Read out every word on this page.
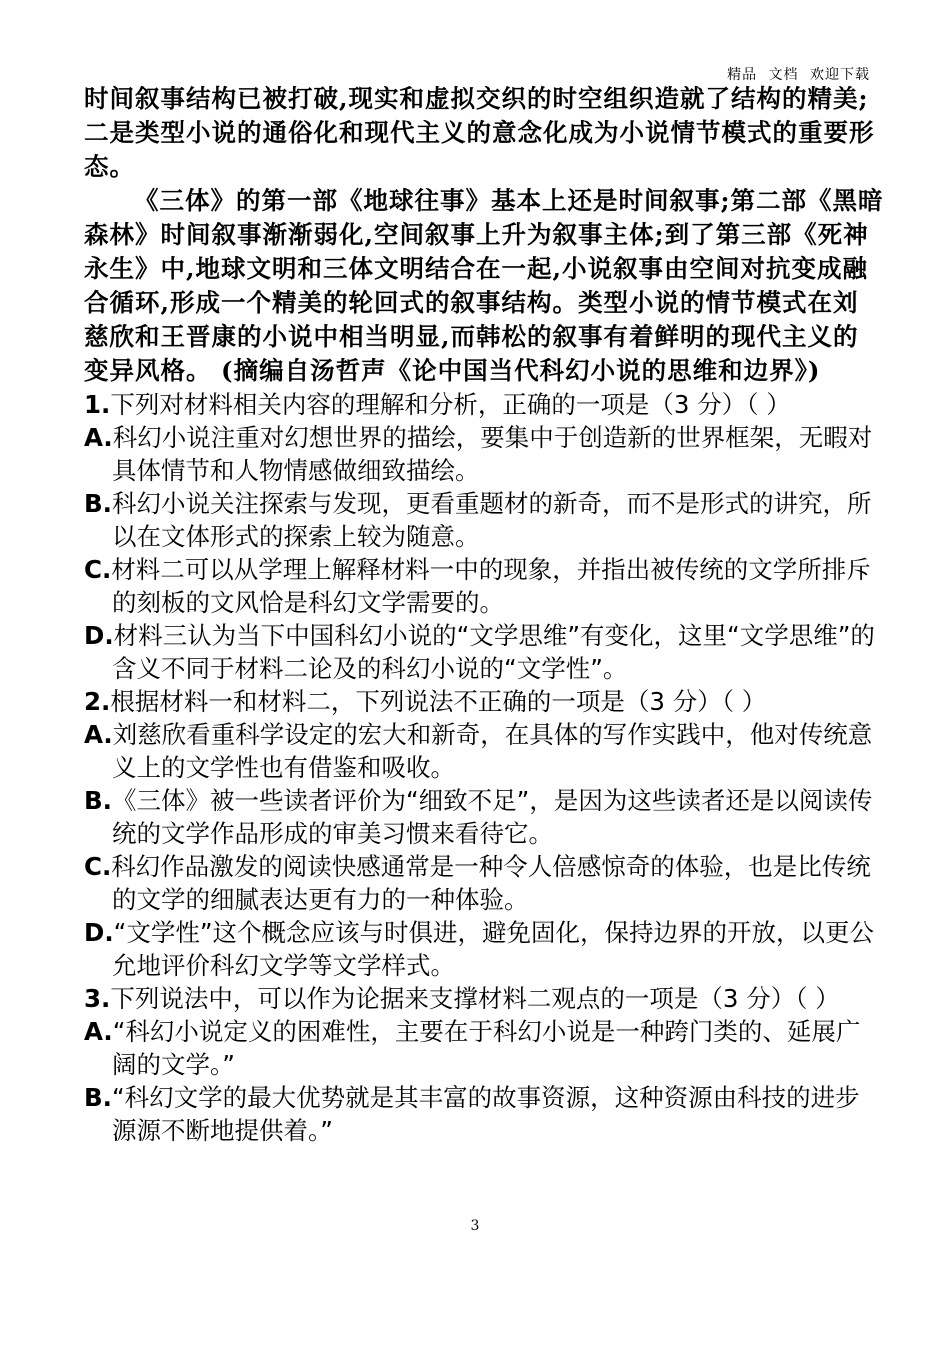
精品 文档 欢迎下载

时间叙事结构已被打破,现实和虚拟交织的时空组织造就了结构的精美;二是类型小说的通俗化和现代主义的意念化成为小说情节模式的重要形态。

《三体》的第一部《地球往事》基本上还是时间叙事;第二部《黑暗森林》时间叙事渐渐弱化,空间叙事上升为叙事主体;到了第三部《死神永生》中,地球文明和三体文明结合在一起,小说叙事由空间对抗变成融合循环,形成一个精美的轮回式的叙事结构。类型小说的情节模式在刘慈欣和王晋康的小说中相当明显,而韩松的叙事有着鲜明的现代主义的变异风格。 (摘编自汤哲声《论中国当代科幻小说的思维和边界》)

1.下列对材料相关内容的理解和分析，正确的一项是（3 分）（ ）

A.科幻小说注重对幻想世界的描绘，要集中于创造新的世界框架，无暇对具体情节和人物情感做细致描绘。

B.科幻小说关注探索与发现，更看重题材的新奇，而不是形式的讲究，所以在文体形式的探索上较为随意。

C.材料二可以从学理上解释材料一中的现象，并指出被传统的文学所排斥的刻板的文风恰是科幻文学需要的。

D.材料三认为当下中国科幻小说的“文学思维”有变化，这里“文学思维”的含义不同于材料二论及的科幻小说的“文学性”。

2.根据材料一和材料二，下列说法不正确的一项是（3 分）（ ）

A.刘慈欣看重科学设定的宏大和新奇，在具体的写作实践中，他对传统意义上的文学性也有借鉴和吸收。

B.《三体》被一些读者评价为“细致不足”，是因为这些读者还是以阅读传统的文学作品形成的审美习惯来看待它。

C.科幻作品激发的阅读快感通常是一种令人倍感惊奇的体验，也是比传统的文学的细腻表达更有力的一种体验。

D.“文学性”这个概念应该与时俱进，避免固化，保持边界的开放，以更公允地评价科幻文学等文学样式。

3.下列说法中，可以作为论据来支撑材料二观点的一项是（3 分）（ ）

A.“科幻小说定义的困难性，主要在于科幻小说是一种跨门类的、延展广阔的文学。”

B.“科幻文学的最大优势就是其丰富的故事资源，这种资源由科技的进步源源不断地提供着。”

3
